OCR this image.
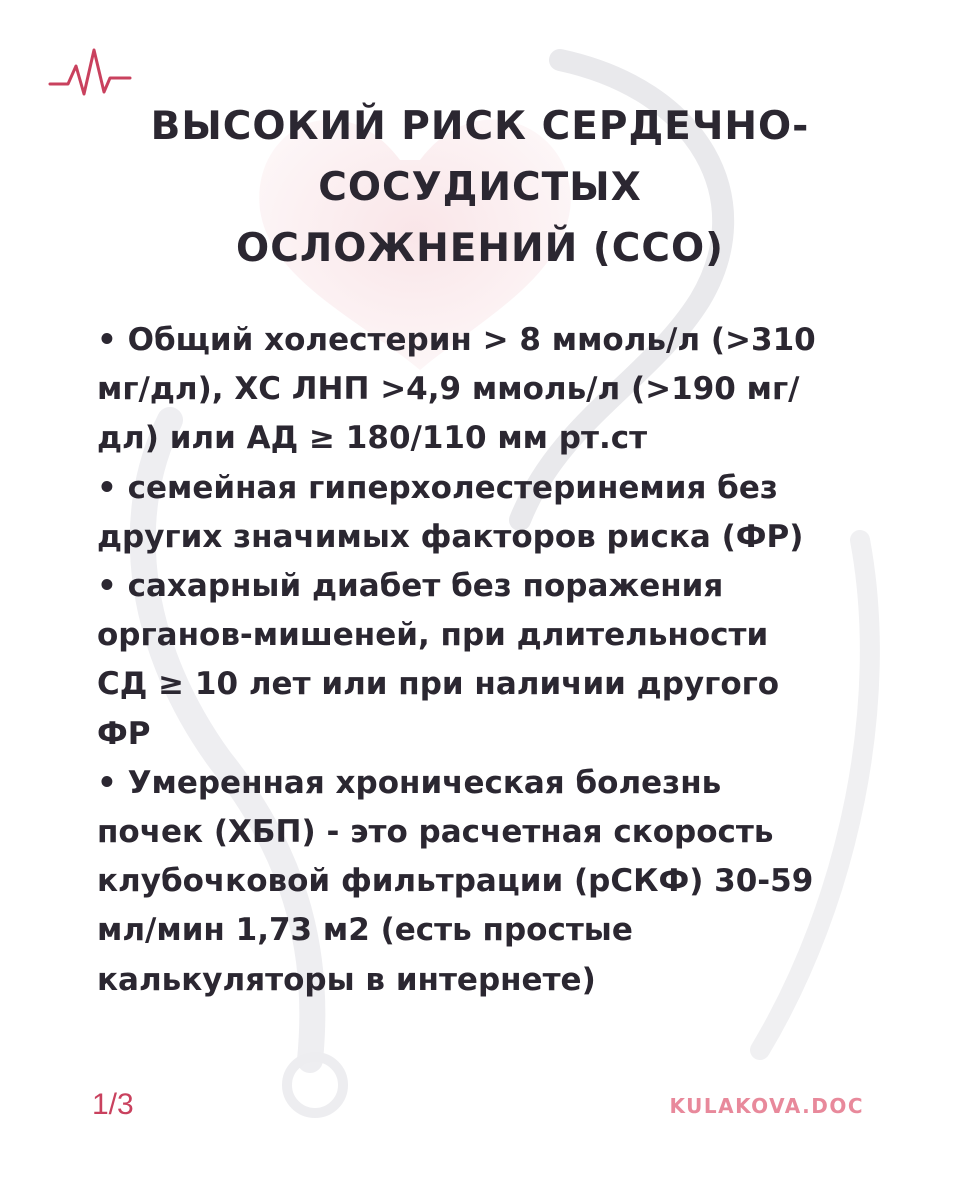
ВЫСОКИЙ РИСК СЕРДЕЧНО-
СОСУДИСТЫХ
ОСЛОЖНЕНИЙ (ССО)
• Общий холестерин > 8 ммоль/л (>310
мг/дл), ХС ЛНП >4,9 ммоль/л (>190 мг/
дл) или АД ≥ 180/110 мм рт.ст
• семейная гиперхолестеринемия без
других значимых факторов риска (ФР)
• сахарный диабет без поражения
органов-мишеней, при длительности
СД ≥ 10 лет или при наличии другого
ФР
• Умеренная хроническая болезнь
почек (ХБП) - это расчетная скорость
клубочковой фильтрации (рСКФ) 30-59
мл/мин 1,73 м2 (есть простые
калькуляторы в интернете)
1/3	KULAKOVA.DOC
